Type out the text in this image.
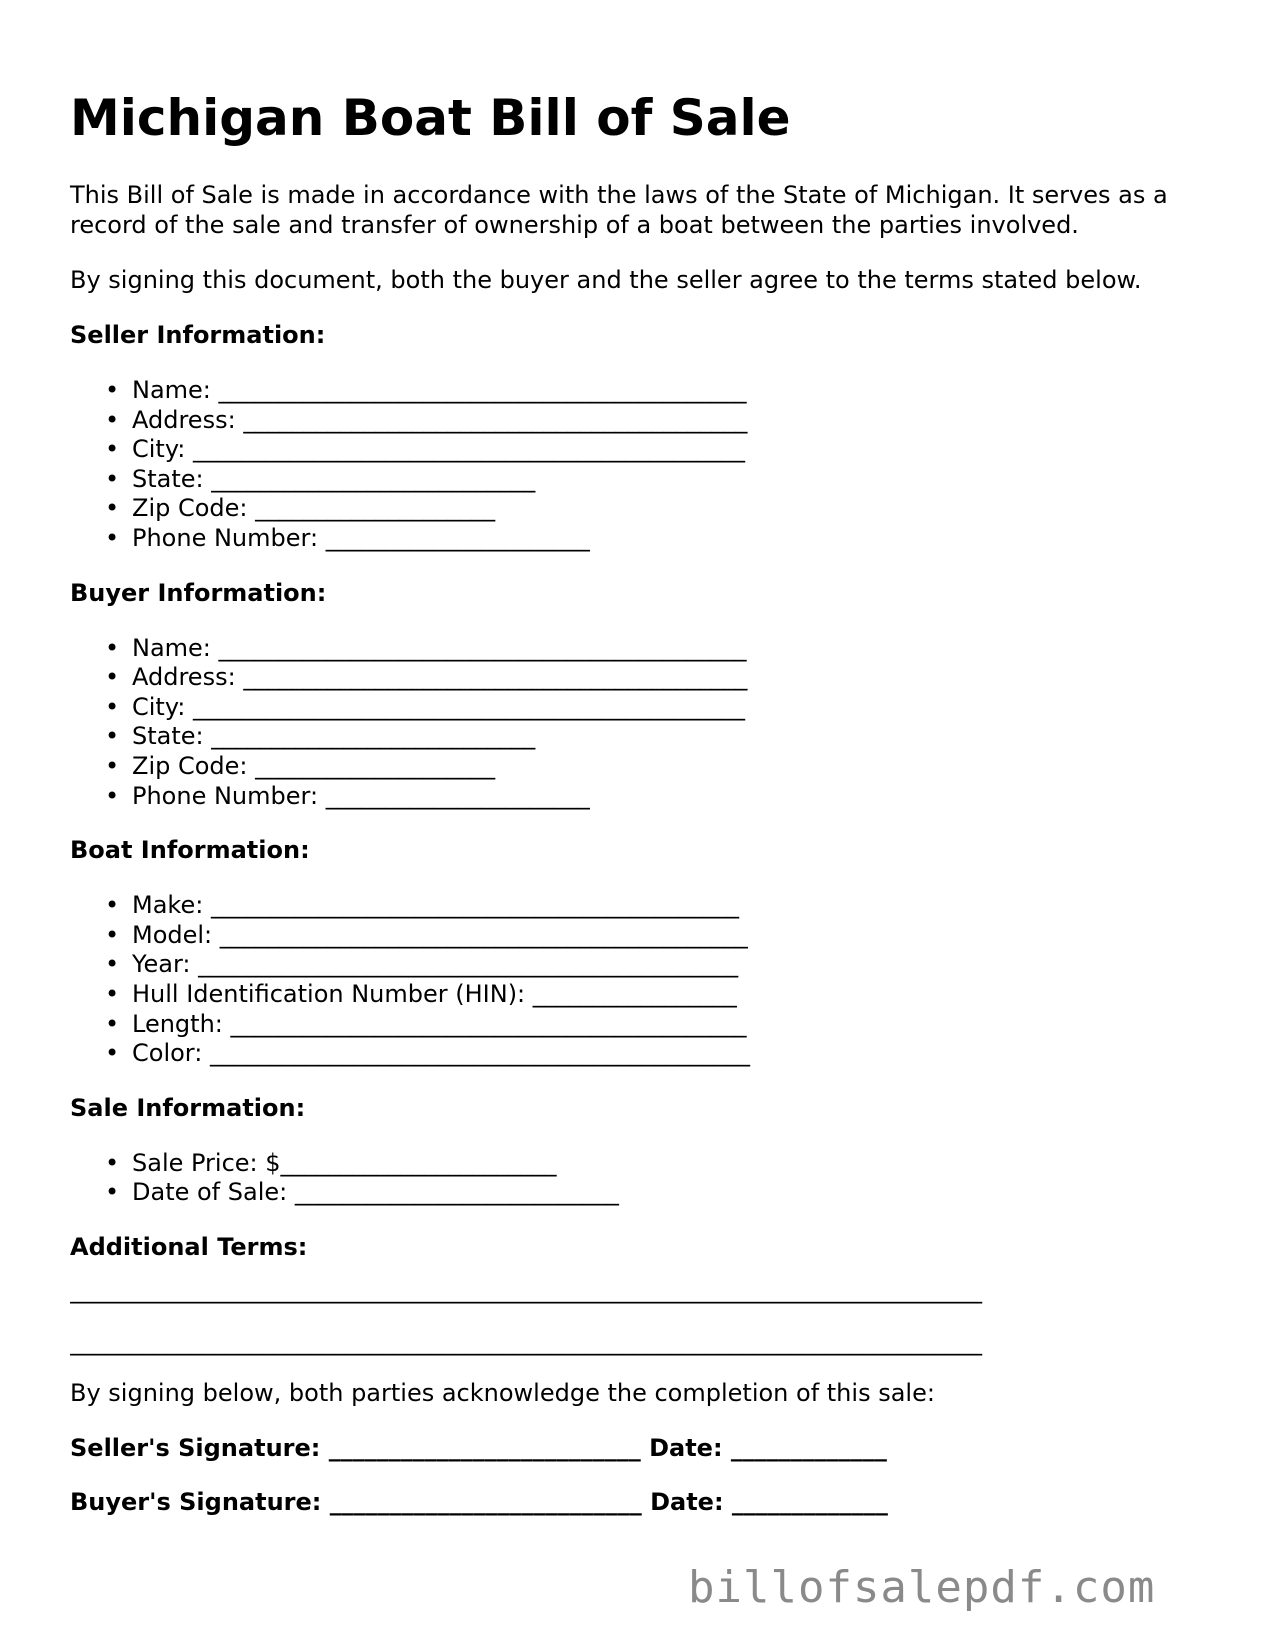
Michigan Boat Bill of Sale

This Bill of Sale is made in accordance with the laws of the State of Michigan. It serves as a record of the sale and transfer of ownership of a boat between the parties involved.

By signing this document, both the buyer and the seller agree to the terms stated below.

Seller Information:
• Name: ____________________________________________
• Address: __________________________________________
• City: ______________________________________________
• State: ___________________________
• Zip Code: ____________________
• Phone Number: ______________________
Buyer Information:
• Name: ____________________________________________
• Address: __________________________________________
• City: ______________________________________________
• State: ___________________________
• Zip Code: ____________________
• Phone Number: ______________________
Boat Information:
• Make: ____________________________________________
• Model: ____________________________________________
• Year: _____________________________________________
• Hull Identification Number (HIN): _________________
• Length: ___________________________________________
• Color: _____________________________________________
Sale Information:
• Sale Price: $_______________________
• Date of Sale: ___________________________
Additional Terms:
____________________________________________________________________________
____________________________________________________________________________

By signing below, both parties acknowledge the completion of this sale:

Seller's Signature: __________________________ Date: _____________
Buyer's Signature: __________________________ Date: _____________
billofsalepdf.com
